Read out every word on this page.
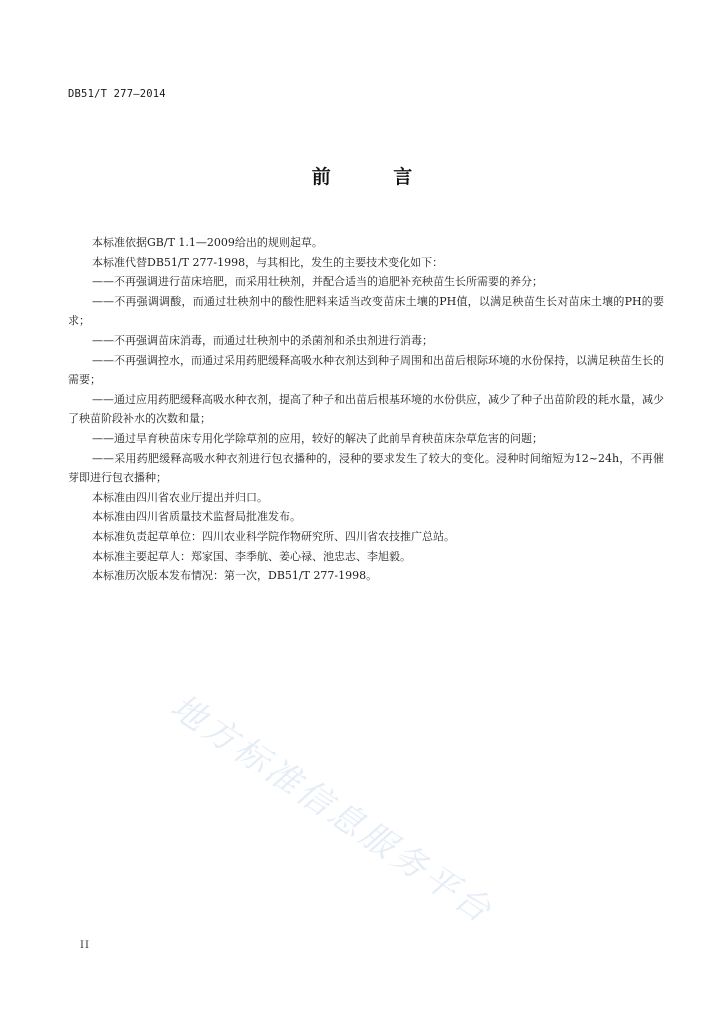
DB51/T 277—2014
前 言

本标准依据GB/T 1.1—2009给出的规则起草。

本标准代替DB51/T 277-1998，与其相比，发生的主要技术变化如下：

——不再强调进行苗床培肥，而采用壮秧剂，并配合适当的追肥补充秧苗生长所需要的养分；

——不再强调调酸，而通过壮秧剂中的酸性肥料来适当改变苗床土壤的PH值，以满足秧苗生长对苗床土壤的PH的要求；

——不再强调苗床消毒，而通过壮秧剂中的杀菌剂和杀虫剂进行消毒；

——不再强调控水，而通过采用药肥缓释高吸水种衣剂达到种子周围和出苗后根际环境的水份保持，以满足秧苗生长的需要；

——通过应用药肥缓释高吸水种衣剂，提高了种子和出苗后根基环境的水份供应，减少了种子出苗阶段的耗水量，减少了秧苗阶段补水的次数和量；

——通过旱育秧苗床专用化学除草剂的应用，较好的解决了此前旱育秧苗床杂草危害的问题；

——采用药肥缓释高吸水种衣剂进行包衣播种的，浸种的要求发生了较大的变化。浸种时间缩短为12~24h，不再催芽即进行包衣播种；

本标准由四川省农业厅提出并归口。

本标准由四川省质量技术监督局批准发布。

本标准负责起草单位：四川农业科学院作物研究所、四川省农技推广总站。

本标准主要起草人：郑家国、李季航、姜心禄、池忠志、李旭毅。

本标准历次版本发布情况：第一次，DB51/T 277-1998。

地方标准信息服务平台
II
